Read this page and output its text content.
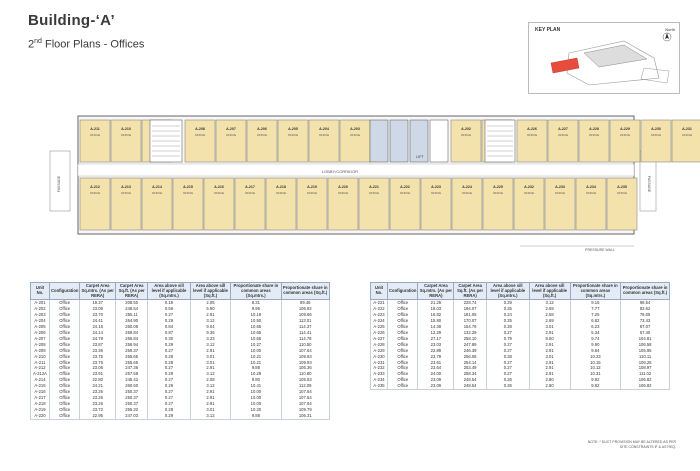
Building-‘A’
2nd Floor Plans - Offices
KEY PLAN	North
A-211
OFFICE
A-210
OFFICE
A-208
OFFICE
A-207
OFFICE
A-206
OFFICE
A-205
OFFICE
A-204
OFFICE
A-203
OFFICE
A-202
OFFICE
A-226
OFFICE
A-227
OFFICE
A-228
OFFICE
A-229
OFFICE
A-230
OFFICE
A-231
OFFICE
A-212
OFFICE
A-213
OFFICE
A-214
OFFICE
A-215
OFFICE
A-216
OFFICE
A-217
OFFICE
A-218
OFFICE
A-219
OFFICE
A-220
OFFICE
A-221
OFFICE
A-222
OFFICE
A-223
OFFICE
A-224
OFFICE
A-225
OFFICE
A-232
OFFICE
A-233
OFFICE
A-234
OFFICE
A-235
OFFICE
LOBBY/CORRIDOR
LIFT
PASSAGE	PASSAGE
PRESSURE WALL
Unit No.	Configuration	Carpet Area Sq.mtrs. (As per RERA)	Carpet Area Sq.ft. (As per RERA)	Area above sill level if applicable (Sq.mtrs.)	Area above sill level if applicable (Sq.ft.)	Proportionate share in common areas (Sq.mtrs.)	Proportionate share in common areas (Sq.ft.)
A-201	Office	19.37	208.50	0.19	2.05	8.31	89.48
A-202	Office	23.09	248.54	0.56	5.90	9.95	106.92
A-203	Office	23.70	255.11	0.27	2.91	10.19	109.66
A-204	Office	24.41	264.90	0.29	3.12	10.50	113.01
A-205	Office	24.16	260.06	0.84	9.04	10.65	114.37
A-206	Office	24.14	259.84	0.87	9.36	10.65	114.41
A-207	Office	24.79	266.84	0.30	3.23	10.66	114.78
A-208	Office	23.87	256.94	0.29	3.12	10.27	110.50
A-209	Office	23.36	250.37	0.27	2.91	10.00	107.64
A-210	Office	23.75	255.65	0.28	3.01	10.21	109.93
A-211	Office	23.75	255.65	0.28	3.01	10.21	109.93
A-212	Office	23.06	247.36	0.27	2.91	9.88	106.36
A-212A	Office	23.91	257.58	0.29	3.12	10.29	110.80
A-214	Office	22.80	245.42	0.27	2.08	9.80	105.53
A-215	Office	24.21	260.60	0.29	3.12	10.41	112.09
A-216	Office	23.26	250.37	0.27	2.91	10.00	107.64
A-217	Office	23.26	250.37	0.27	2.91	10.00	107.64
A-218	Office	23.26	250.37	0.27	2.91	10.00	107.64
A-219	Office	23.72	255.32	0.28	3.01	10.20	109.79
A-220	Office	22.95	247.03	0.29	3.12	9.88	106.31
Unit No.	Configuration	Carpet Area Sq.mtrs. (As per RERA)	Carpet Area Sq.ft. (As per RERA)	Area above sill level if applicable (Sq.mtrs.)	Area above sill level if applicable (Sq.ft.)	Proportionate share in common areas (Sq.mtrs.)	Proportionate share in common areas (Sq.ft.)
A-221	Office	21.25	228.74	0.29	3.12	9.15	98.54
A-222	Office	18.03	194.07	0.25	2.69	7.77	83.62
A-223	Office	16.82	181.05	0.24	2.58	7.25	78.05
A-224	Office	15.80	170.07	0.25	2.69	6.82	73.43
A-225	Office	14.38	154.79	0.28	3.01	6.23	67.07
A-226	Office	12.29	132.29	0.27	2.91	5.34	57.45
A-227	Office	27.17	258.10	0.79	8.50	9.74	104.81
A-228	Office	23.03	247.89	0.27	2.91	9.90	106.58
A-229	Office	22.89	246.39	0.27	2.91	9.84	105.95
A-230	Office	23.79	256.08	0.28	3.01	10.23	110.11
A-231	Office	23.61	254.14	0.27	2.91	10.15	109.25
A-232	Office	23.64	253.49	0.27	2.91	10.12	108.97
A-233	Office	24.00	258.34	0.27	2.91	10.31	111.02
A-234	Office	23.09	248.54	0.26	2.80	9.92	106.82
A-235	Office	23.09	248.54	0.26	2.80	9.92	106.82
NOTE: * DUCT PROVISION MAY BE ALTERED AS PER
SITE CONSTRAINTS IF & AS REQ.
